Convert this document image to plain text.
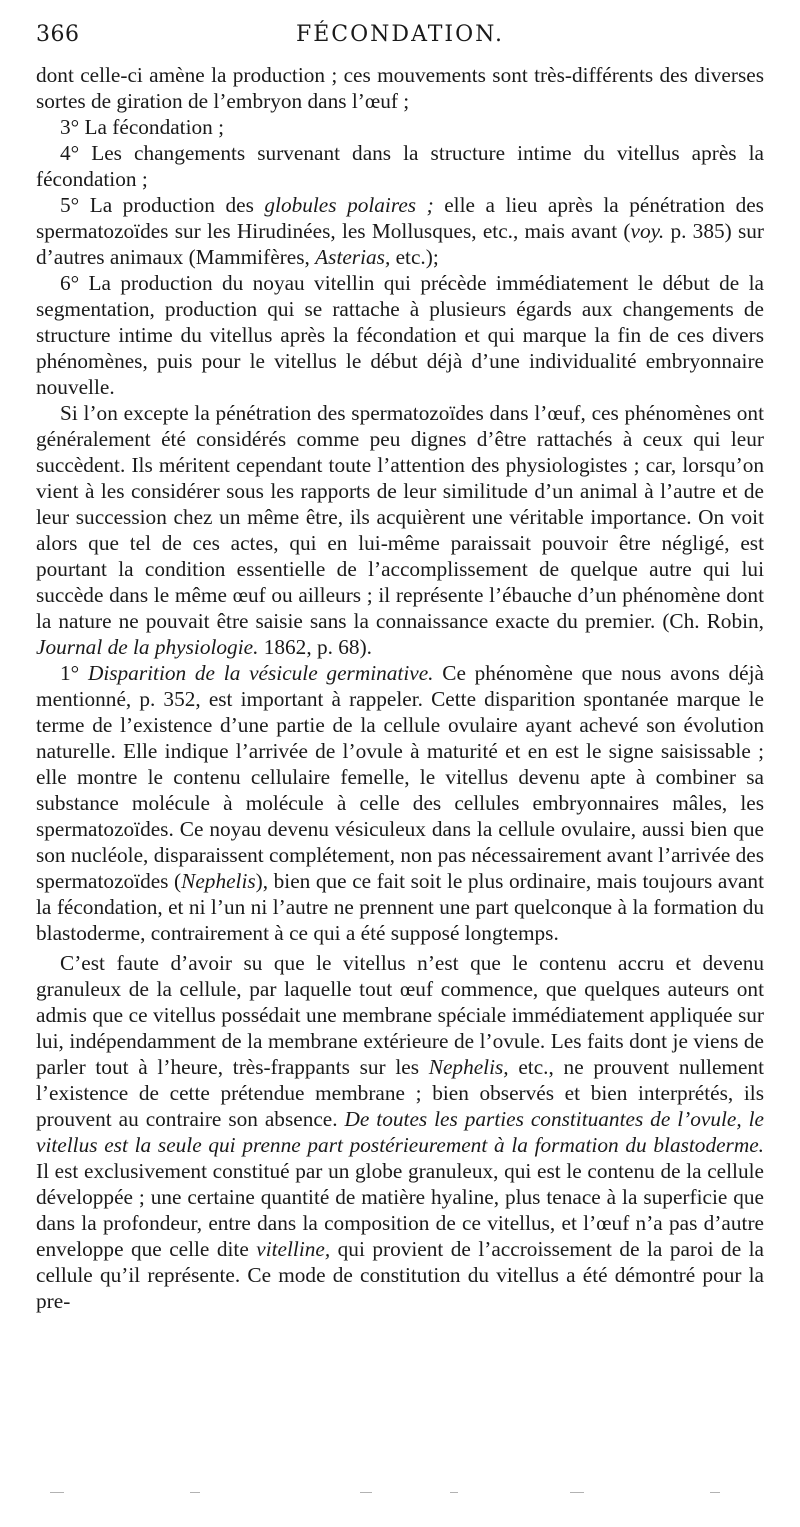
366	FÉCONDATION.

dont celle-ci amène la production ; ces mouvements sont très-différents des diverses sortes de giration de l’embryon dans l’œuf ;

3° La fécondation ;

4° Les changements survenant dans la structure intime du vitellus après la fécondation ;

5° La production des globules polaires ; elle a lieu après la pénétration des spermatozoïdes sur les Hirudinées, les Mollusques, etc., mais avant (voy. p. 385) sur d’autres animaux (Mammifères, Asterias, etc.);

6° La production du noyau vitellin qui précède immédiatement le début de la segmentation, production qui se rattache à plusieurs égards aux changements de structure intime du vitellus après la fécondation et qui marque la fin de ces divers phénomènes, puis pour le vitellus le début déjà d’une individualité embryonnaire nouvelle.

Si l’on excepte la pénétration des spermatozoïdes dans l’œuf, ces phénomènes ont généralement été considérés comme peu dignes d’être rattachés à ceux qui leur succèdent. Ils méritent cependant toute l’attention des physiologistes ; car, lorsqu’on vient à les considérer sous les rapports de leur similitude d’un animal à l’autre et de leur succession chez un même être, ils acquièrent une véritable importance. On voit alors que tel de ces actes, qui en lui-même paraissait pouvoir être négligé, est pourtant la condition essentielle de l’accomplissement de quelque autre qui lui succède dans le même œuf ou ailleurs ; il représente l’ébauche d’un phénomène dont la nature ne pouvait être saisie sans la connaissance exacte du premier. (Ch. Robin, Journal de la physiologie. 1862, p. 68).

1° Disparition de la vésicule germinative. Ce phénomène que nous avons déjà mentionné, p. 352, est important à rappeler. Cette disparition spontanée marque le terme de l’existence d’une partie de la cellule ovulaire ayant achevé son évolution naturelle. Elle indique l’arrivée de l’ovule à maturité et en est le signe saisissable ; elle montre le contenu cellulaire femelle, le vitellus devenu apte à combiner sa substance molécule à molécule à celle des cellules embryonnaires mâles, les spermatozoïdes. Ce noyau devenu vésiculeux dans la cellule ovulaire, aussi bien que son nucléole, disparaissent complétement, non pas nécessairement avant l’arrivée des spermatozoïdes (Nephelis), bien que ce fait soit le plus ordinaire, mais toujours avant la fécondation, et ni l’un ni l’autre ne prennent une part quelconque à la formation du blastoderme, contrairement à ce qui a été supposé longtemps.

C’est faute d’avoir su que le vitellus n’est que le contenu accru et devenu granuleux de la cellule, par laquelle tout œuf commence, que quelques auteurs ont admis que ce vitellus possédait une membrane spéciale immédiatement appliquée sur lui, indépendamment de la membrane extérieure de l’ovule. Les faits dont je viens de parler tout à l’heure, très-frappants sur les Nephelis, etc., ne prouvent nullement l’existence de cette prétendue membrane ; bien observés et bien interprétés, ils prouvent au contraire son absence. De toutes les parties constituantes de l’ovule, le vitellus est la seule qui prenne part postérieurement à la formation du blastoderme. Il est exclusivement constitué par un globe granuleux, qui est le contenu de la cellule développée ; une certaine quantité de matière hyaline, plus tenace à la superficie que dans la profondeur, entre dans la composition de ce vitellus, et l’œuf n’a pas d’autre enveloppe que celle dite vitelline, qui provient de l’accroissement de la paroi de la cellule qu’il représente. Ce mode de constitution du vitellus a été démontré pour la pre-
